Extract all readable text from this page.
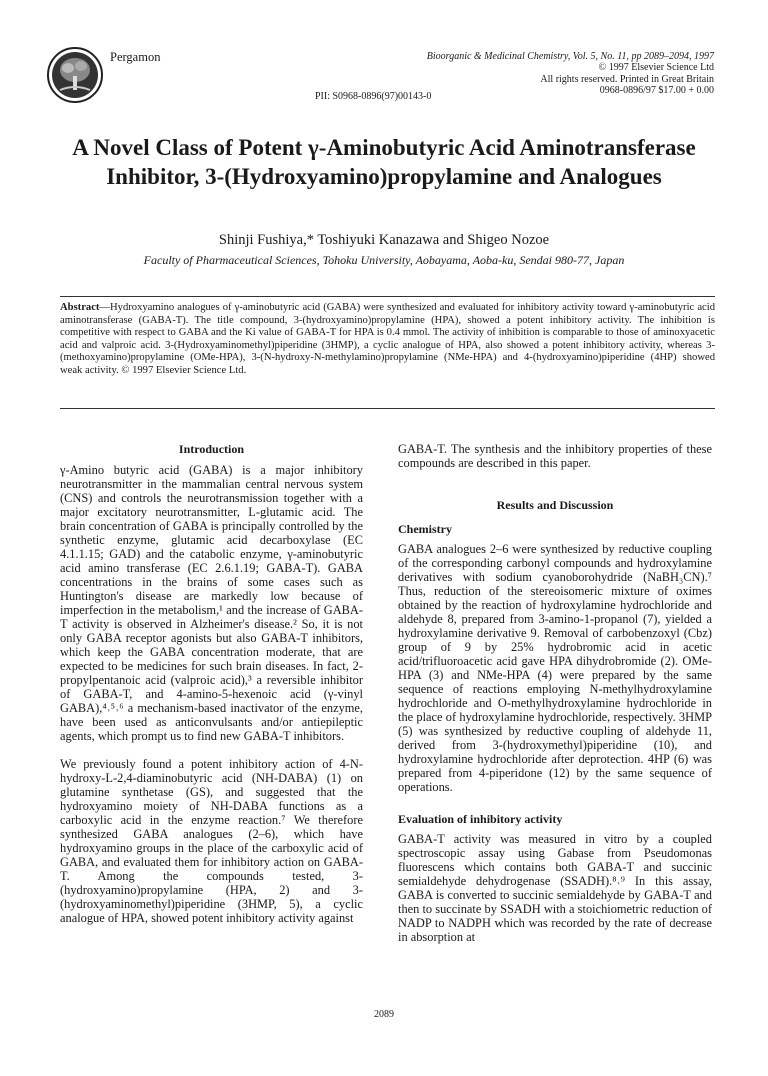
Pergamon	Bioorganic & Medicinal Chemistry, Vol. 5, No. 11, pp 2089–2094, 1997
© 1997 Elsevier Science Ltd
All rights reserved. Printed in Great Britain
0968-0896/97 $17.00 + 0.00
PII: S0968-0896(97)00143-0
A Novel Class of Potent γ-Aminobutyric Acid Aminotransferase
Inhibitor, 3-(Hydroxyamino)propylamine and Analogues
Shinji Fushiya,* Toshiyuki Kanazawa and Shigeo Nozoe
Faculty of Pharmaceutical Sciences, Tohoku University, Aobayama, Aoba-ku, Sendai 980-77, Japan
Abstract—Hydroxyamino analogues of γ-aminobutyric acid (GABA) were synthesized and evaluated for inhibitory activity toward γ-aminobutyric acid aminotransferase (GABA-T). The title compound, 3-(hydroxyamino)propylamine (HPA), showed a potent inhibitory activity. The inhibition is competitive with respect to GABA and the Ki value of GABA-T for HPA is 0.4 mmol. The activity of inhibition is comparable to those of aminoxyacetic acid and valproic acid. 3-(Hydroxyaminomethyl)piperidine (3HMP), a cyclic analogue of HPA, also showed a potent inhibitory activity, whereas 3-(methoxyamino)propylamine (OMe-HPA), 3-(N-hydroxy-N-methylamino)propylamine (NMe-HPA) and 4-(hydroxyamino)piperidine (4HP) showed weak activity. © 1997 Elsevier Science Ltd.
Introduction

γ-Amino butyric acid (GABA) is a major inhibitory neurotransmitter in the mammalian central nervous system (CNS) and controls the neurotransmission together with a major excitatory neurotransmitter, L-glutamic acid. The brain concentration of GABA is principally controlled by the synthetic enzyme, glutamic acid decarboxylase (EC 4.1.1.15; GAD) and the catabolic enzyme, γ-aminobutyric acid amino transferase (EC 2.6.1.19; GABA-T). GABA concentrations in the brains of some cases such as Huntington's disease are markedly low because of imperfection in the metabolism,¹ and the increase of GABA-T activity is observed in Alzheimer's disease.² So, it is not only GABA receptor agonists but also GABA-T inhibitors, which keep the GABA concentration moderate, that are expected to be medicines for such brain diseases. In fact, 2-propylpentanoic acid (valproic acid),³ a reversible inhibitor of GABA-T, and 4-amino-5-hexenoic acid (γ-vinyl GABA),⁴˒⁵˒⁶ a mechanism-based inactivator of the enzyme, have been used as anticonvulsants and/or antiepileptic agents, which prompt us to find new GABA-T inhibitors.

We previously found a potent inhibitory action of 4-N-hydroxy-L-2,4-diaminobutyric acid (NH-DABA) (1) on glutamine synthetase (GS), and suggested that the hydroxyamino moiety of NH-DABA functions as a carboxylic acid in the enzyme reaction.⁷ We therefore synthesized GABA analogues (2–6), which have hydroxyamino groups in the place of the carboxylic acid of GABA, and evaluated them for inhibitory action on GABA-T. Among the compounds tested, 3-(hydroxyamino)propylamine (HPA, 2) and 3-(hydroxyaminomethyl)piperidine (3HMP, 5), a cyclic analogue of HPA, showed potent inhibitory activity against

GABA-T. The synthesis and the inhibitory properties of these compounds are described in this paper.

Results and Discussion
Chemistry

GABA analogues 2–6 were synthesized by reductive coupling of the corresponding carbonyl compounds and hydroxylamine derivatives with sodium cyanoborohydride (NaBH₃CN).⁷ Thus, reduction of the stereoisomeric mixture of oximes obtained by the reaction of hydroxylamine hydrochloride and aldehyde 8, prepared from 3-amino-1-propanol (7), yielded a hydroxylamine derivative 9. Removal of carbobenzoxyl (Cbz) group of 9 by 25% hydrobromic acid in acetic acid/trifluoroacetic acid gave HPA dihydrobromide (2). OMe-HPA (3) and NMe-HPA (4) were prepared by the same sequence of reactions employing N-methylhydroxylamine hydrochloride and O-methylhydroxylamine hydrochloride in the place of hydroxylamine hydrochloride, respectively. 3HMP (5) was synthesized by reductive coupling of aldehyde 11, derived from 3-(hydroxymethyl)piperidine (10), and hydroxylamine hydrochloride after deprotection. 4HP (6) was prepared from 4-piperidone (12) by the same sequence of operations.

Evaluation of inhibitory activity

GABA-T activity was measured in vitro by a coupled spectroscopic assay using Gabase from Pseudomonas fluorescens which contains both GABA-T and succinic semialdehyde dehydrogenase (SSADH).⁸˒⁹ In this assay, GABA is converted to succinic semialdehyde by GABA-T and then to succinate by SSADH with a stoichiometric reduction of NADP to NADPH which was recorded by the rate of decrease in absorption at

2089
